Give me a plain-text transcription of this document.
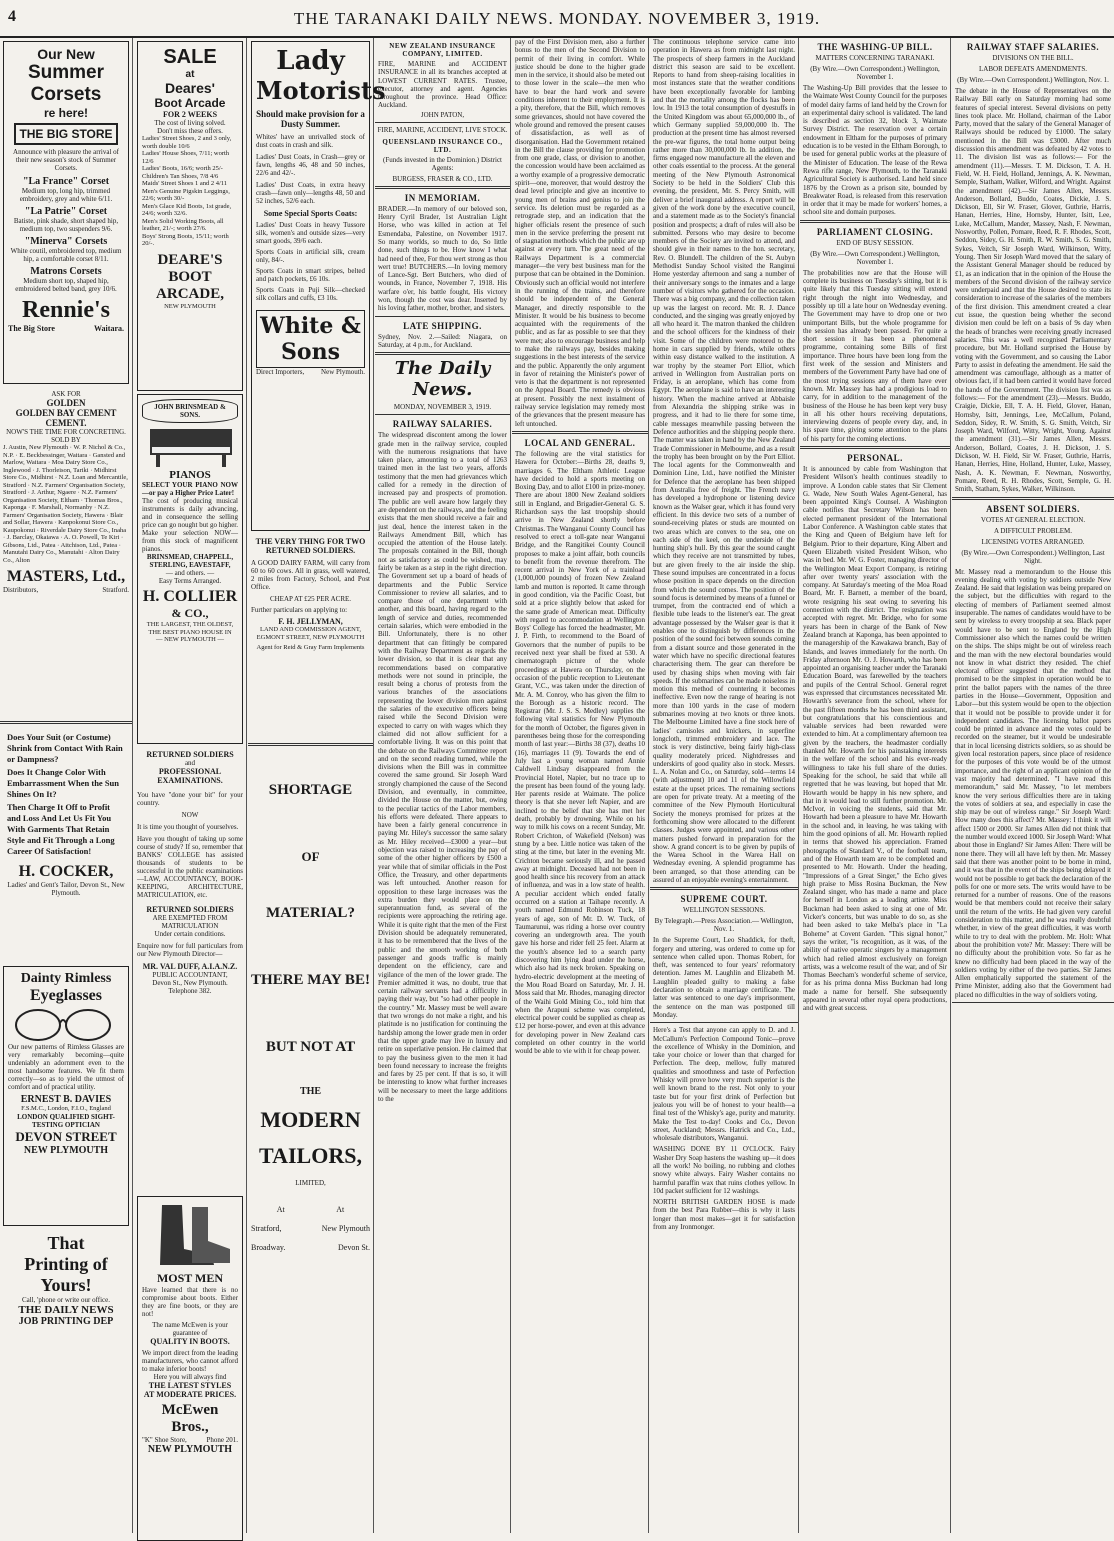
4	THE TARANAKI DAILY NEWS. MONDAY. NOVEMBER 3, 1919.
Our New
Summer
Corsets
re here!
THE BIG STORE
Announce with pleasure the arrival of their new season's stock of Summer Corsets.
"La France" Corset
Medium top, long hip, trimmed embroidery, grey and white 6/11.
"La Patrie" Corset
Batiste, pink shade, short shaped hip, medium top, two suspenders 9/6.
"Minerva" Corsets
White coutil, embroidered top, medium hip, a comfortable corset 8/11.
Matrons Corsets
Medium short top, shaped hip, embroidered belted band, grey 10/6.
Rennie's
The Big Store	Waitara.
ASK FOR
GOLDEN
GOLDEN BAY CEMENT
CEMENT.
NOW'S THE TIME FOR CONCRETING.
SOLD BY
J. Austin, New Plymouth · W. P. Nichol & Co., N.P. · E. Beckbessinger, Waitara · Gansted and Marlow, Waitara · Moa Dairy Store Co., Inglewood · J. Thorleison, Tariki · Midhirst Store Co., Midhirst · N.Z. Loan and Mercantile, Stratford · N.Z. Farmers' Organisation Society, Stratford · J. Arthur, Ngaere · N.Z. Farmers' Organisation Society, Eltham · Thomas Bros., Kaponga · F. Marshall, Normanby · N.Z. Farmers' Organisation Society, Hawera · Blair and Sollar, Hawera · Kanpokonui Store Co., Kaupokonui · Riverdale Dairy Store Co., Inaha · J. Barclay, Okaiawa · A. O. Powell, Te Kiri · Gibsons, Ltd., Patea · Aitchison, Ltd., Patea · Manutahi Dairy Co., Manutahi · Alton Dairy Co., Alton
MASTERS, Ltd.,
Distributors,	Stratford.
Does Your Suit (or Costume) Shrink from Contact With Rain or Dampness?
Does It Change Color With Embarrassment When the Sun Shines On It?
Then Charge It Off to Profit and Loss And Let Us Fit You With Garments That Retain Style and Fit Through a Long Career Of Satisfaction!
H. COCKER,
Ladies' and Gent's Tailor, Devon St., New Plymouth.
Dainty Rimless
Eyeglasses
Our new patterns of Rimless Glasses are very remarkably becoming—quite undeniably an adornment even to the most handsome features. We fit them correctly—so as to yield the utmost of comfort and of practical utility.
ERNEST B. DAVIES
F.S.M.C., London, F.I.O., England
LONDON QUALIFIED SIGHT-TESTING OPTICIAN
DEVON STREET
NEW PLYMOUTH
That
Printing of
Yours!
Call, 'phone or write our office.
THE DAILY NEWS
JOB PRINTING DEP
SALE
at
Deares'
Boot Arcade
FOR 2 WEEKS
The cost of living solved.
Don't miss these offers.
Ladies' Street Shoes, 2 and 3 only, worth double 10/6
Ladies' House Shoes, 7/11; worth 12/6
Ladies' Boots, 16/6; worth 25/-
Children's Tan Shoes, 7/8 4/6
Maids' Street Shoes 1 and 2 4/11
Men's Genuine Pigskin Leggings, 22/6; worth 30/-
Men's Glace Kid Boots, 1st grade, 24/6; worth 32/6.
Men's Solid Working Boots, all leather, 21/-; worth 27/6.
Boys' Strong Boots, 15/11; worth 20/-.
DEARE'S
BOOT
ARCADE,
NEW PLYMOUTH
JOHN BRINSMEAD & SONS.
PIANOS
SELECT YOUR PIANO NOW—or pay a Higher Price Later!
The cost of producing musical instruments is daily advancing, and in consequence the selling price can go nought but go higher. Make your selection NOW—from this stock of magnificent pianos.
BRINSMEAD, CHAPPELL, STERLING, EAVESTAFF,
— and others. —
Easy Terms Arranged.
H. COLLIER
& CO.,
THE LARGEST, THE OLDEST, THE BEST PIANO HOUSE IN
— NEW PLYMOUTH —
RETURNED SOLDIERS
and
PROFESSIONAL EXAMINATIONS.
You have "done your bit" for your country.
NOW
It is time you thought of yourselves.
Have you thought of taking up some course of study? If so, remember that BANKS' COLLEGE has assisted thousands of students to be successful in the public examinations—LAW, ACCOUNTANCY, BOOK-KEEPING, ARCHITECTURE, MATRICULATION, etc.
RETURNED SOLDIERS
ARE EXEMPTED FROM MATRICULATION
Under certain conditions.
Enquire now for full particulars from our New Plymouth Director—
MR. VAL DUFF, A.I.A.N.Z.
PUBLIC ACCOUNTANT,
Devon St., New Plymouth.
Telephone 382.
MOST MEN
Have learned that there is no compromise about boots. Either they are fine boots, or they are not!
The name McEwen is your guarantee of
QUALITY IN BOOTS.
We import direct from the leading manufacturers, who cannot afford to make inferior boots!
Here you will always find
THE LATEST STYLES
AT MODERATE PRICES.
McEwen Bros.,
"K" Shoe Store,	Phone 201.
NEW PLYMOUTH
Lady
Motorists
Should make provision for a Dusty Summer.
Whites' have an unrivalled stock of dust coats in crash and silk.
Ladies' Dust Coats, in Crash—grey or fawn, lengths 46, 48 and 50 inches, 22/6 and 42/-.
Ladies' Dust Coats, in extra heavy crash—fawn only—lengths 48, 50 and 52 inches, 52/6 each.
Some Special Sports Coats:
Ladies' Dust Coats in heavy Tussore silk, women's and outside sizes—very smart goods, 39/6 each.
Sports Coats in artificial silk, cream only, 84/-.
Sports Coats in smart stripes, belted and patch pockets, £6 10s.
Sports Coats in Puji Silk—checked silk collars and cuffs, £3 10s.
White & Sons
Direct Importers, New Plymouth.
THE VERY THING FOR TWO RETURNED SOLDIERS.
A GOOD DAIRY FARM, will carry from 60 to 60 cows. All in grass, well watered, 2 miles from Factory, School, and Post Office.
CHEAP AT £25 PER ACRE.
Further particulars on applying to:
F. H. JELLYMAN,
LAND AND COMMISSION AGENT, EGMONT STREET, NEW PLYMOUTH
Agent for Reid & Gray Farm Implements
SHORTAGE
OF
MATERIAL?
THERE MAY BE!
BUT NOT AT
THE
MODERN
TAILORS,
LIMITED,
At	At
Stratford,	New Plymouth
Broadway.	Devon St.
NEW ZEALAND INSURANCE COMPANY, LIMITED.
FIRE, MARINE and ACCIDENT INSURANCE in all its branches accepted at LOWEST CURRENT RATES. Trustee, executor, attorney and agent. Agencies throughout the province. Head Office: Auckland.
JOHN PATON,
FIRE, MARINE, ACCIDENT, LIVE STOCK.
QUEENSLAND INSURANCE CO., LTD.
(Funds invested in the Dominion.) District Agents:
BURGESS, FRASER & CO., LTD.
IN MEMORIAM.
BRADER.—In memory of our beloved son, Henry Cyril Brader, 1st Australian Light Horse, who was killed in action at Tel Esmendaba, Palestine, on November 1917. So many worlds, so much to do, So little done, such things to be. How know I what had need of thee, For thou wert strong as thou wert true! BUTCHERS.—In loving memory of Lance-Sgt. Bert Butchers, who died of wounds, in France, November 7, 1918. His warfare o'er, his battle fought, His victory won, though the cost was dear. Inserted by his loving father, mother, brother, and sisters.
LATE SHIPPING.
Sydney, Nov. 2.—Sailed: Niagara, on Saturday, at 4 p.m., for Auckland.
The Daily News.
MONDAY, NOVEMBER 3, 1919.
RAILWAY SALARIES.
The widespread discontent among the lower grade men in the railway service, coupled with the numerous resignations that have taken place, amounting to a total of 1263 trained men in the last two years, affords testimony that the men had grievances which called for a remedy in the direction of increased pay and prospects of promotion. The public are well aware how largely they are dependent on the railways, and the feeling exists that the men should receive a fair and just deal, hence the interest taken in the Railways Amendment Bill, which has occupied the attention of the House lately. The proposals contained in the Bill, though not as satisfactory as could be wished, may fairly be taken as a step in the right direction. The Government set up a board of heads of departments and the Public Service Commissioner to review all salaries, and to compare those of one department with another, and this board, having regard to the length of service and duties, recommended certain salaries, which were embodied in the Bill. Unfortunately, there is no other department that can fittingly be compared with the Railway Department as regards the lower division, so that it is clear that any recommendations based on comparative methods were not sound in principle, the result being a chorus of protests from the various branches of the associations representing the lower division men against the salaries of the executive officers being raised while the Second Division were expected to carry on with wages which they claimed did not allow sufficient for a comfortable living. It was on this point that the debate on the Railways Committee report and on the second reading turned, while the divisions when the Bill was in committee covered the same ground. Sir Joseph Ward strongly championed the cause of the Second Division, and eventually, in committee, divided the House on the matter, but, owing to the peculiar tactics of the Labor members, his efforts were defeated. There appears to have been a fairly general concurrence in paying Mr. Hiley's successor the same salary as Mr. Hiley received—£3000 a year—but objection was raised to increasing the pay of some of the other higher officers by £500 a year while that of similar officials in the Post Office, the Treasury, and other departments was left untouched. Another reason for opposition to these large increases was the extra burden they would place on the superannuation fund, as several of the recipients were approaching the retiring age. While it is quite right that the men of the First Division should be adequately remunerated, it has to be remembered that the lives of the public and the smooth working of both passenger and goods traffic is mainly dependent on the efficiency, care and vigilance of the men of the lower grade. The Premier admitted it was, no doubt, true that certain railway servants had a difficulty in paying their way, but "so had other people in the country." Mr. Massey must be well aware that two wrongs do not make a right, and his platitude is no justification for continuing the hardship among the lower grade men in order that the upper grade may live in luxury and retire on superlative pension. He claimed that to pay the business given to the men it had been found necessary to increase the freights and fares by 25 per cent. If that is so, it will be interesting to know what further increases will be necessary to meet the large additions to the
pay of the First Division men, also a further bonus to the men of the Second Division to permit of their living in comfort. While justice should be done to the higher grade men in the service, it should also be meted out to those lower in the scale—the men who have to bear the hard work and severe conditions inherent to their employment. It is a pity, therefore, that the Bill, which removes some grievances, should not have covered the whole ground and removed the present causes of dissatisfaction, as well as of disorganisation. Had the Government retained in the Bill the clause providing for promotion from one grade, class, or division to another, the concession would have been acclaimed as a worthy example of a progressive democratic spirit—one, moreover, that would destroy the dead level principle and give an incentive to young men of brains and genius to join the service. Its deletion must be regarded as a retrograde step, and an indication that the higher officials resent the presence of such men in the service preferring the present rut of stagnation methods which the public are up against at every turn. The great need of the Railways Department is a commercial manager—the very best business man for the purpose that can be obtained in the Dominion. Obviously such an official would not interfere in the running of the trains, and therefore should be independent of the General Manager, and directly responsible to the Minister. It would be his business to become acquainted with the requirements of the public, and as far as possible to see that they were met; also to encourage business and help to make the railways pay, besides making suggestions in the best interests of the service and the public. Apparently the only argument in favor of retaining the Minister's power of veto is that the department is not represented on the Appeal Board. The remedy is obvious at present. Possibly the next instalment of railway service legislation may remedy most of the grievances that the present measure has left untouched.
LOCAL AND GENERAL.
The following are the vital statistics for Hawera for October:—Births 28, deaths 9, marriages 6. The Eltham Athletic League have decided to hold a sports meeting on Boxing Day, and to allot £100 in prize-money. There are about 1800 New Zealand soldiers still in England, and Brigadier-General G. S. Richardson says the last troopship should arrive in New Zealand shortly before Christmas. The Wanganui County Council has resolved to erect a toll-gate near Wanganui Bridge, and the Rangitikei County Council proposes to make a joint affair, both councils to benefit from the revenue therefrom. The recent arrival in New York of a trainload (1,000,000 pounds) of frozen New Zealand lamb and mutton is reported. It came through in good condition, via the Pacific Coast, but sold at a price slightly below that asked for the same grade of American meat. Difficulty with regard to accommodation at Wellington Boys' College has forced the headmaster, Mr. J. P. Firth, to recommend to the Board of Governors that the number of pupils to be received next year shall be fixed at 530. A cinematograph picture of the whole proceedings at Hawera on Thursday, on the occasion of the public reception to Lieutenant Grant, V.C., was taken under the direction of Mr. A. M. Conroy, who has given the film to the Borough as a historic record. The Registrar (Mr. J. S. S. Medley) supplies the following vital statistics for New Plymouth for the month of October, the figures given in parentheses being those for the corresponding month of last year:—Births 38 (37), deaths 10 (16), marriages 11 (9). Towards the end of July last a young woman named Annie Caldwell Lindsay disappeared from the Provincial Hotel, Napier, but no trace up to the present has been found of the young lady. Her parents reside at Waimate. The police theory is that she never left Napier, and are inclined to the belief that she has met her death, probably by drowning. While on his way to milk his cows on a recent Sunday, Mr. Robert Crichton, of Wakefield (Nelson) was stung by a bee. Little notice was taken of the sting at the time, but later in the evening Mr. Crichton became seriously ill, and he passed away at midnight. Deceased had not been in good health since his recovery from an attack of influenza, and was in a low state of health. A peculiar accident which ended fatally occurred on a station at Taihape recently. A youth named Edmund Robinson Tuck, 18 years of age, son of Mr. D. W. Tuck, of Taumarunui, was riding a horse over country covering an undergrowth area. The youth gave his horse and rider fell 25 feet. Alarm at the youth's absence led to a search party discovering him lying dead under the horse, which also had its neck broken. Speaking on hydro-electric development at the meeting of the Mou Road Board on Saturday, Mr. J. H. Moss said that Mr. Rhodes, managing director of the Waihi Gold Mining Co., told him that when the Arapuni scheme was completed, electrical power could be supplied as cheap as £12 per horse-power, and even at this advance for developing power in New Zealand cars completed on other country in the world would be able to vie with it for cheap power.
The continuous telephone service came into operation in Hawera as from midnight last night. The prospects of sheep farmers in the Auckland district this season are said to be excellent. Reports to hand from sheep-raising localities in most instances state that the weather conditions have been exceptionally favorable for lambing and that the mortality among the flocks has been low. In 1913 the total consumption of dyestuffs in the United Kingdom was about 65,000,000 lb., of which Germany supplied 59,000,000 lb. The production at the present time has almost reversed the pre-war figures, the total home output being rather more than 30,000,000 lb. In addition, the firms engaged now manufacture all the eleven and other coals essential to the process. At the general meeting of the New Plymouth Astronomical Society to be held in the Soldiers' Club this evening, the president, Mr. S. Percy Smith, will deliver a brief inaugural address. A report will be given of the work done by the executive council, and a statement made as to the Society's financial position and prospects; a draft of rules will also be submitted. Persons who may desire to become members of the Society are invited to attend, and should give in their names to the hon. secretary, Rev. O. Blundell. The children of the St. Aubyn Methodist Sunday School visited the Ranginui Home yesterday afternoon and sang a number of their anniversary songs to the inmates and a large number of visitors who gathered for the occasion. There was a big company, and the collection taken up was the largest on record. Mr. R. J. Dance conducted, and the singing was greatly enjoyed by all who heard it. The matron thanked the children and the school officers for the kindness of their visit. Some of the children were motored to the home in cars supplied by friends, while others within easy distance walked to the institution. A war trophy by the steamer Port Elliot, which arrived in Wellington from Australian ports on Friday, is an aeroplane, which has come from Egypt. The aeroplane is said to have an interesting history. When the machine arrived at Abbaisle from Alexandria the shipping strike was in progress, and it had to lie there for some time, cable messages meanwhile passing between the Defence authorities and the shipping people there. The matter was taken in hand by the New Zealand Trade Commissioner in Melbourne, and as a result the trophy has been brought on by the Port Elliot. The local agents for the Commonwealth and Dominion Line, Ltd., have notified the Minister for Defence that the aeroplane has been shipped from Australia free of freight. The French navy has developed a hydrophone or listening device known as the Walser gear, which it has found very efficient. In this device two sets of a number of sound-receiving plates or studs are mounted on two areas which are convex to the sea, one on each side of the keel, on the underside of the hunting ship's hull. By this gear the sound caught which they receive are not transmitted by tubes, but are given freely to the air inside the ship. These sound impulses are concentrated in a focus whose position in space depends on the direction from which the sound comes. The position of the sound focus is determined by means of a funnel or trumpet, from the contracted end of which a flexible tube leads to the listener's ear. The great advantage possessed by the Walser gear is that it enables one to distinguish by differences in the position of the sound foci between sounds coming from a distant source and those generated in the water which have no specific directional features characterising them. The gear can therefore be used by chasing ships when moving with fair speeds. If the submarines can be made noiseless in motion this method of countering it becomes ineffective. Even now the range of hearing is not more than 100 yards in the case of modern submarines moving at two knots or three knots. The Melbourne Limited have a fine stock here of ladies' camisoles and knickers, in superfine longcloth, trimmed embroidery and lace. The stock is very distinctive, being fairly high-class quality moderately priced. Nightdresses and underskirts of good quality also in stock. Messrs. L. A. Nolan and Co., on Saturday, sold—terms 14 (with adjustment) 10 and 11 of the Willowfield estate at the upset prices. The remaining sections are open for private treaty. At a meeting of the committee of the New Plymouth Horticultural Society the moneys promised for prizes at the forthcoming show were allocated to the different classes. Judges were appointed, and various other matters pushed forward in preparation for the show. A grand concert is to be given by pupils of the Warea School in the Warea Hall on Wednesday evening. A splendid programme has been arranged, so that those attending can be assured of an enjoyable evening's entertainment.
SUPREME COURT.
WELLINGTON SESSIONS.
By Telegraph.—Press Association.— Wellington, Nov. 1.
In the Supreme Court, Leo Shaddick, for theft, forgery and uttering, was ordered to come up for sentence when called upon. Thomas Robert, for theft, was sentenced to four years' reformatory detention. James M. Laughlin and Elizabeth M. Laughlin pleaded guilty to making a false declaration to obtain a marriage certificate. The latter was sentenced to one day's imprisonment, the sentence on the man was postponed till Monday.
Here's a Test that anyone can apply to D. and J. McCallum's Perfection Compound Tonic—prove the excellence of Whisky in the Dominion, and take your choice or lower than that charged for Perfection. The deep, mellow, fully matured qualities and smoothness and taste of Perfection Whisky will prove how very much superior is the well known brand to the rest. Not only to your taste but for your first drink of Perfection but jealous you will be of honest to your health—a final test of the Whisky's age, purity and maturity. Make the Test to-day! Cooks and Co., Devon street, Auckland; Messrs. Hatrick and Co., Ltd., wholesale distributors, Wanganui.
WASHING DONE BY 11 O'CLOCK. Fairy Washer Dry Soap hastens the washing up—it does all the work! No boiling, no rubbing and clothes snowy white always. Fairy Washer contains no harmful paraffin wax that ruins clothes yellow. In 10d packet sufficient for 12 washings.
NORTH BRITISH GARDEN HOSE is made from the best Para Rubber—this is why it lasts longer than most makes—get it for satisfaction from any Ironmonger.
THE WASHING-UP BILL.
MATTERS CONCERNING TARANAKI.
(By Wire.—Own Correspondent.) Wellington, November 1.
The Washing-Up Bill provides that the lessee to the Waimate West County Council for the purposes of model dairy farms of land held by the Crown for an experimental dairy school is validated. The land is described as section 32, block 3, Waimate Survey District. The reservation over a certain endowment in Eltham for the purposes of primary education is to be vested in the Eltham Borough, to be used for general public works at the pleasure of the Minister of Education. The lease of the Rewa Rewa rifle range, New Plymouth, to the Taranaki Agricultural Society is authorised. Land held since 1876 by the Crown as a prison site, bounded by Breakwater Road, is released from this reservation in order that it may be made for workers' homes, a school site and domain purposes.
PARLIAMENT CLOSING.
END OF BUSY SESSION.
(By Wire.—Own Correspondent.) Wellington, November 1.
The probabilities now are that the House will complete its business on Tuesday's sitting, but it is quite likely that this Tuesday sitting will extend right through the night into Wednesday, and possibly up till a late hour on Wednesday evening. The Government may have to drop one or two unimportant Bills, but the whole programme for the session has already been passed. For quite a short session it has been a phenomenal programme, containing some Bills of first importance. Three hours have been long from the first week of the session and Ministers and members of the Government Party have had one of the most trying sessions any of them have ever known. Mr. Massey has had a prodigious load to carry, for in addition to the management of the business of the House he has been kept very busy in all his other hours receiving deputations, interviewing dozens of people every day, and, in his spare time, giving some attention to the plans of his party for the coming elections.
PERSONAL.
It is announced by cable from Washington that President Wilson's health continues steadily to improve. A London cable states that Sir Clement G. Wade, New South Wales Agent-General, has been appointed King's Counsel. A Washington cable notifies that Secretary Wilson has been elected permanent president of the International Labor Conference. A Washington cable states that the King and Queen of Belgium have left for Belgium. Prior to their departure, King Albert and Queen Elizabeth visited President Wilson, who was in bed. Mr. W. G. Foster, managing director of the Wellington Meat Export Company, is retiring after over twenty years' association with the company. At Saturday's meeting of the Moa Road Board, Mr. F. Barnett, a member of the board, wrote resigning his seat owing to severing his connection with the district. The resignation was accepted with regret. Mr. Bridge, who for some years has been in charge of the Bank of New Zealand branch at Kaponga, has been appointed to the managership of the Kawakawa branch, Bay of Islands, and leaves immediately for the north. On Friday afternoon Mr. O. J. Howarth, who has been appointed an organising teacher under the Taranaki Education Board, was farewelled by the teachers and pupils of the Central School. General regret was expressed that circumstances necessitated Mr. Howarth's severance from the school, where for the past fifteen months he has been third assistant, but congratulations that his conscientious and valuable services had been rewarded were extended to him. At a complimentary afternoon tea given by the teachers, the headmaster cordially thanked Mr. Howarth for his painstaking interests in the welfare of the school and his ever-ready willingness to take his full share of the duties. Speaking for the school, he said that while all regretted that he was leaving, but hoped that Mr. Howarth would be happy in his new sphere, and that in it would lead to still further promotion. Mr. McIvor, in voicing the students, said that Mr. Howarth had been a pleasure to have Mr. Howarth in the school and, in leaving, he was taking with him the good opinions of all. Mr. Howarth replied in terms that showed his appreciation. Framed photographs of Standard V., of the football team, and of the Howarth team are to be completed and presented to Mr. Howarth. Under the heading, "Impressions of a Great Singer," the Echo gives high praise to Miss Rosina Buckman, the New Zealand singer, who has made a name and place for herself in London as a leading artiste. Miss Buckman had been asked to sing at one of Mr. Vicker's concerts, but was unable to do so, as she had been asked to take Melba's place in "La Boheme" at Covent Garden. "This signal honor," says the writer, "is recognition, as it was, of the ability of native operatic singers by a management which had relied almost exclusively on foreign artists, was a welcome result of the war, and of Sir Thomas Beecham's wonderful scheme of service, for as his prima donna Miss Buckman had long made a name for herself. She subsequently appeared in several other royal opera productions, and with great success.
RAILWAY STAFF SALARIES.
DIVISIONS ON THE BILL.
LABOR DEFEATS AMENDMENTS.
(By Wire.—Own Correspondent.) Wellington, Nov. 1.
The debate in the House of Representatives on the Railway Bill early on Saturday morning had some features of special interest. Several divisions on petty lines took place. Mr. Holland, chairman of the Labor Party, moved that the salary of the General Manager of Railways should be reduced by £1000. The salary mentioned in the Bill was £3000. After much discussion this amendment was defeated by 42 votes to 11. The division list was as follows:— For the amendment (11).—Messrs. T. M. Dickson, T. A. H. Field, W. H. Field, Holland, Jennings, A. K. Newman, Semple, Statham, Walker, Wilford, and Wright. Against the amendment (42).—Sir James Allen, Messrs. Anderson, Bollard, Buddo, Coates, Dickie, J. S. Dickson, Ell, Sir W. Fraser, Glover, Guthrie, Harris, Hanan, Herries, Hine, Hornsby, Hunter, Isitt, Lee, Luke, McCallum, Mander, Massey, Nash, F. Newman, Nosworthy, Pollen, Pomare, Reed, R. F. Rhodes, Scott, Seddon, Sidey, G. H. Smith, R. W. Smith, S. G. Smith, Sykes, Veitch, Sir Joseph Ward, Wilkinson, Witty, Young. Then Sir Joseph Ward moved that the salary of the Assistant General Manager should be reduced by £1, as an indication that in the opinion of the House the members of the Second division of the railway service were underpaid and that the House desired to state its consideration to increase of the salaries of the members of the first division. This amendment created a clear cut issue, the question being whether the second division men could be left on a basis of 9s day when the heads of branches were receiving greatly increased salaries. This was a well recognised Parliamentary procedure, but Mr. Holland surprised the House by voting with the Government, and so causing the Labor Party to assist in defeating the amendment. He said the amendment was camouflage, although as a matter of obvious fact, if it had been carried it would have forced the hands of the Government. The division list was as follows:— For the amendment (23).—Messrs. Buddo, Craigie, Dickie, Ell, T. A. H. Field, Glover, Hanan, Hornsby, Isitt, Jennings, Lee, McCallum, Poland, Seddon, Sidey, R. W. Smith, S. G. Smith, Veitch, Sir Joseph Ward, Wilford, Witty, Wright, Young. Against the amendment (31).—Sir James Allen, Messrs. Anderson, Bollard, Coates, J. H. Dickson, J. S. Dickson, W. H. Field, Sir W. Fraser, Guthrie, Harris, Hanan, Herries, Hine, Holland, Hunter, Luke, Massey, Nash, A. K. Newman, F. Newman, Nosworthy, Pomare, Reed, R. H. Rhodes, Scott, Semple, G. H. Smith, Statham, Sykes, Walker, Wilkinson.
ABSENT SOLDIERS.
VOTES AT GENERAL ELECTION.
A DIFFICULT PROBLEM.
LICENSING VOTES ARRANGED.
(By Wire.—Own Correspondent.) Wellington, Last Night.
Mr. Massey read a memorandum to the House this evening dealing with voting by soldiers outside New Zealand. He said that legislation was being prepared on the subject, but the difficulties with regard to the electing of members of Parliament seemed almost insuperable. The names of candidates would have to be sent by wireless to every troopship at sea. Black paper would have to be sent to England by the High Commissioner also which the names could be written on the ships. The ships might be out of wireless reach and the man with the new electoral boundaries would not know in what district they resided. The chief electoral officer suggested that the method that promised to be the simplest in operation would be to print the ballot papers with the names of the three parties in the House—Government, Opposition and Labor—but this system would be open to the objection that it would not be possible to provide under it for independent candidates. The licensing ballot papers could be printed in advance and the votes could be recorded on the steamer, but it would be undesirable that in local licensing districts soldiers, so as should be given local restoration papers, since place of residence for the purposes of this vote would be of the utmost importance, and the right of an applicant opinion of the vast majority had determined. "I have read this memorandum," said Mr. Massey, "to let members know the very serious difficulties there are in taking the votes of soldiers at sea, and especially in case the ship may be out of wireless range." Sir Joseph Ward: How many does this affect? Mr. Massey: I think it will affect 1500 or 2000. Sir James Allen did not think that the number would exceed 1000. Sir Joseph Ward: What about those in England? Sir James Allen: There will be none there. They will all have left by then. Mr. Massey said that there was another point to be borne in mind, and it was that in the event of the ships being delayed it would not be possible to get back the declaration of the polls for one or more sets. The writs would have to be returned for a number of reasons. One of the reasons would be that members could not receive their salary until the return of the writs. He had given very careful consideration to this matter, and he was really doubtful whether, in view of the great difficulties, it was worth while to try to deal with the problem. Mr. Holt: What about the prohibition vote? Mr. Massey: There will be no difficulty about the prohibition vote. So far as he knew no difficulty had been placed in the way of the soldiers voting by either of the two parties. Sir James Allen emphatically supported the statement of the Prime Minister, adding also that the Government had placed no difficulties in the way of soldiers voting.
